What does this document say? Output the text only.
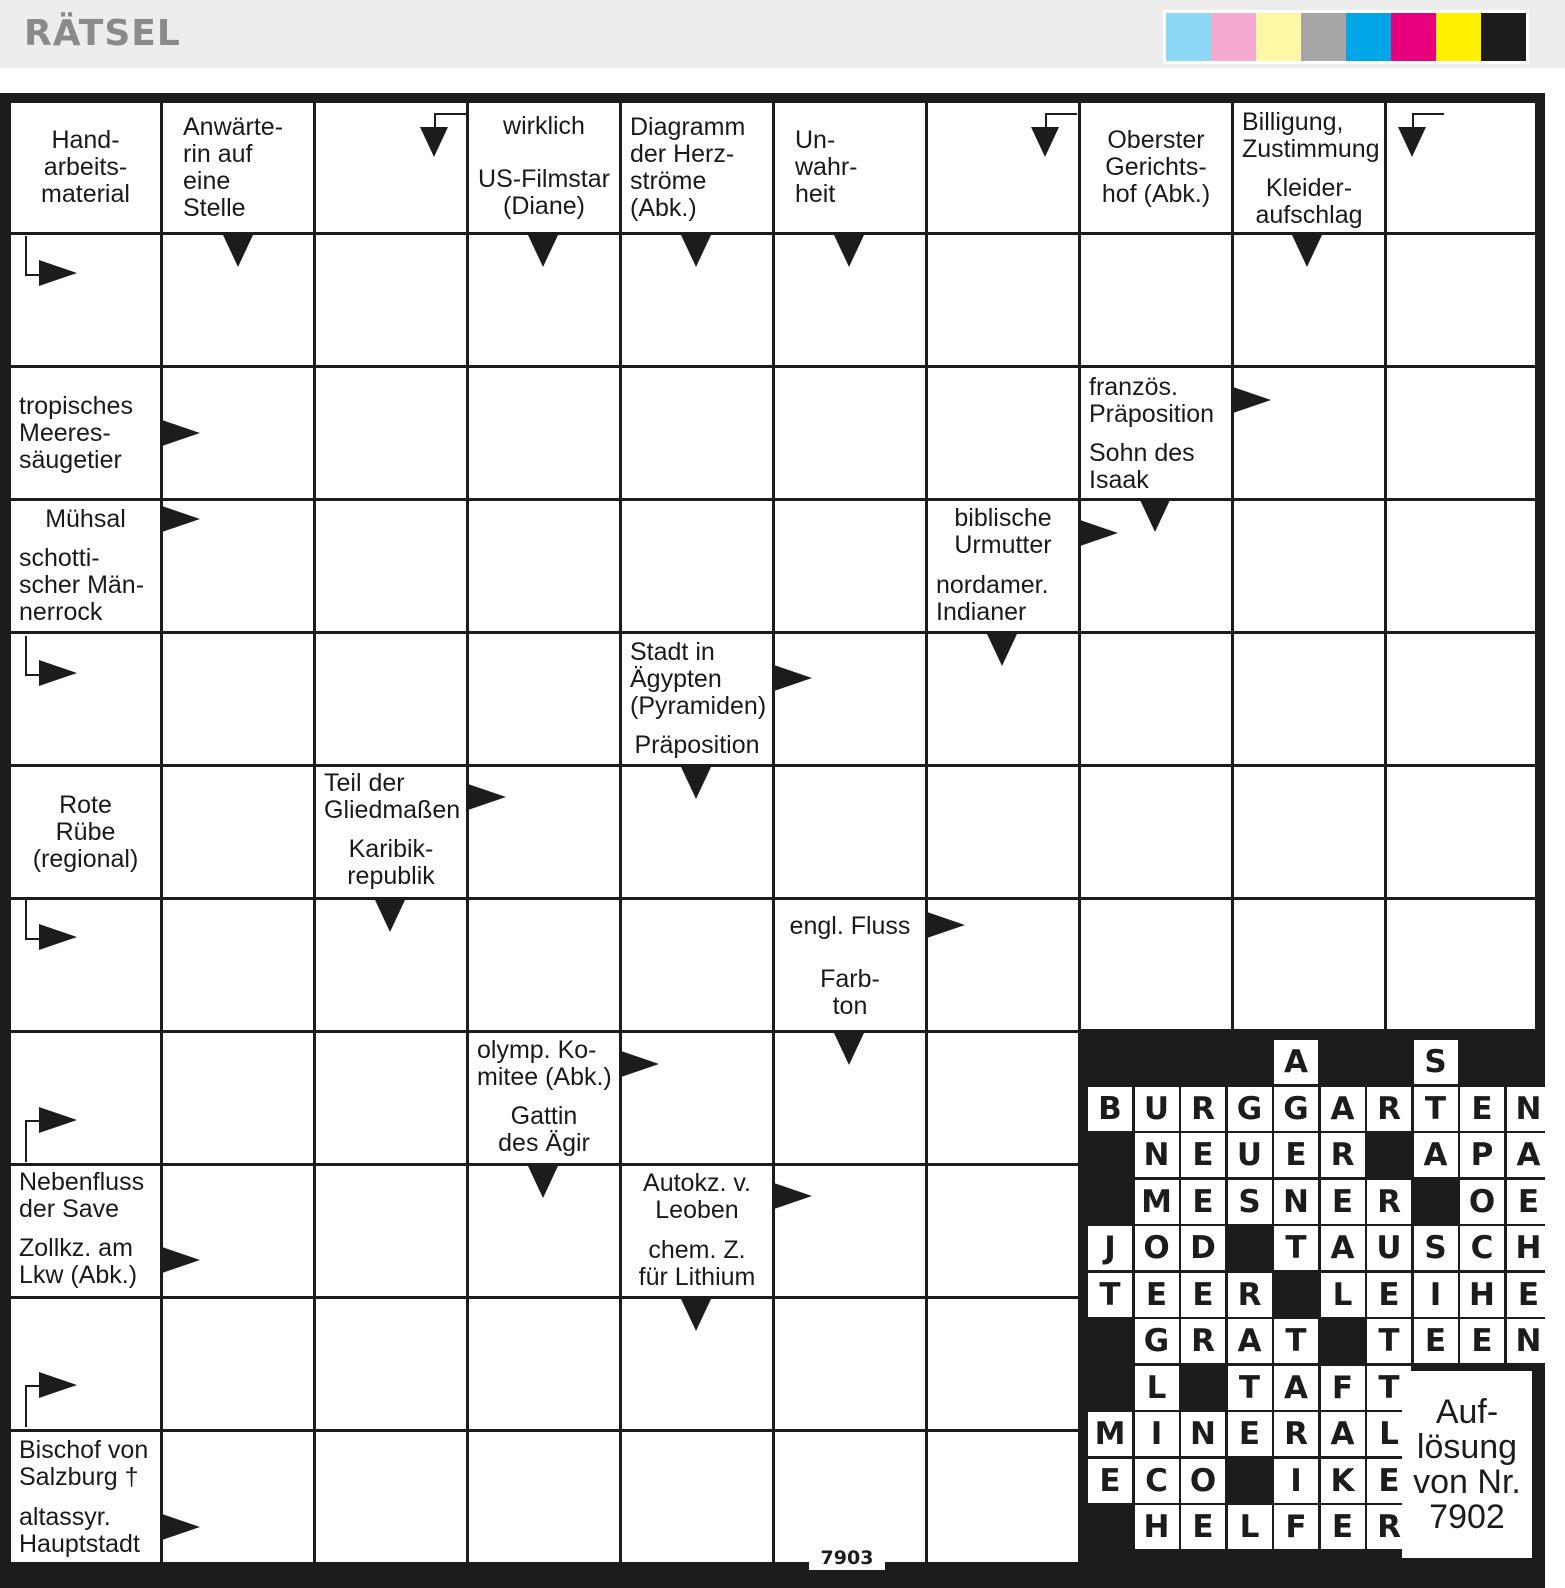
RÄTSEL
Hand-
arbeits-
material
Anwärte-
rin auf
eine
Stelle
wirklich
US-Filmstar
(Diane)
Diagramm
der Herz-
ströme
(Abk.)
Un-
wahr-
heit
Oberster
Gerichts-
hof (Abk.)
Billigung,
Zustimmung
Kleider-
aufschlag
tropisches
Meeres-
säugetier
französ.
Präposition
Sohn des
Isaak
Mühsal
schotti-
scher Män-
nerrock
biblische
Urmutter
nordamer.
Indianer
Stadt in
Ägypten
(Pyramiden)
Präposition
Rote
Rübe
(regional)
Teil der
Gliedmaßen
Karibik-
republik
engl. Fluss
Farb-
ton
olymp. Ko-
mitee (Abk.)
Gattin
des Ägir
Nebenfluss
der Save
Zollkz. am
Lkw (Abk.)
Autokz. v.
Leoben
chem. Z.
für Lithium
Bischof von
Salzburg †
altassyr.
Hauptstadt
A	S
B U R G G A R T E N
N E U E R	A P A
M E S N E R	O E
J O D	T A U S C H
T E E R	L E I H E
G R A T	T E E N
L	T A F T
M I N E R A L
E C O	I K E
H E L F E R
Auf-
lösung
von Nr.
7902
7903
